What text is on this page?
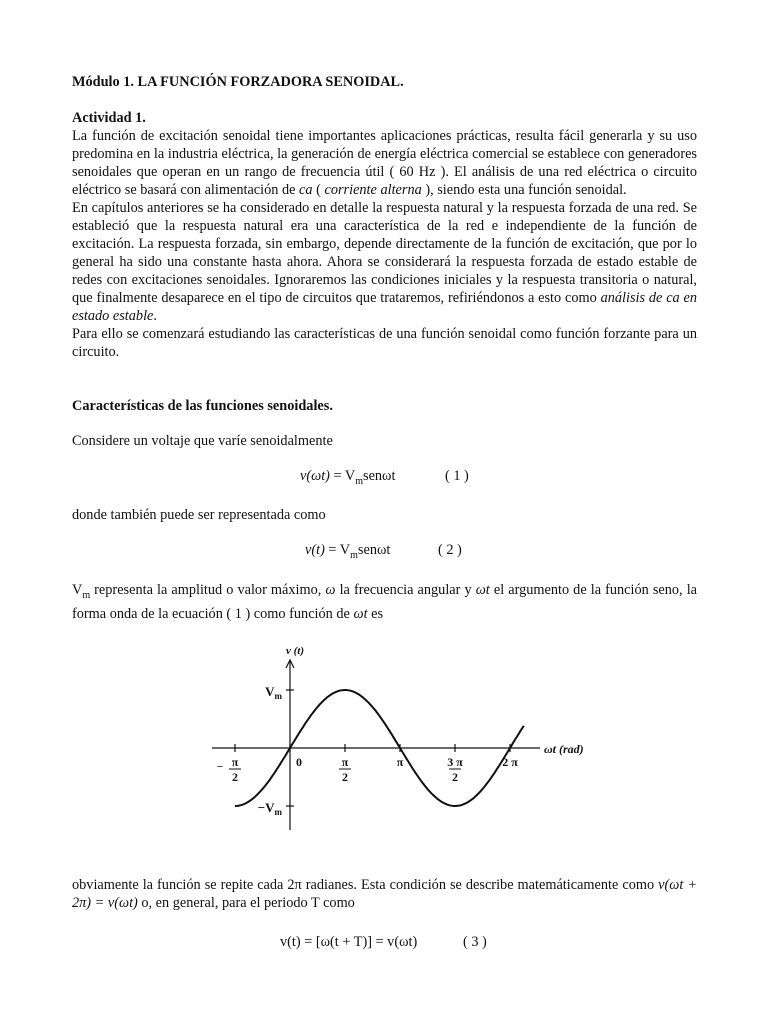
Módulo 1. LA FUNCIÓN FORZADORA SENOIDAL.
Actividad 1.

La función de excitación senoidal tiene importantes aplicaciones prácticas, resulta fácil generarla y su uso predomina en la industria eléctrica, la generación de energía eléctrica comercial se establece con generadores senoidales que operan en un rango de frecuencia útil ( 60 Hz ). El análisis de una red eléctrica o circuito eléctrico se basará con alimentación de ca ( corriente alterna ), siendo esta una función senoidal.

En capítulos anteriores se ha considerado en detalle la respuesta natural y la respuesta forzada de una red. Se estableció que la respuesta natural era una característica de la red e independiente de la función de excitación. La respuesta forzada, sin embargo, depende directamente de la función de excitación, que por lo general ha sido una constante hasta ahora. Ahora se considerará la respuesta forzada de estado estable de redes con excitaciones senoidales. Ignoraremos las condiciones iniciales y la respuesta transitoria o natural, que finalmente desaparece en el tipo de circuitos que trataremos, refiriéndonos a esto como análisis de ca en estado estable.

Para ello se comenzará estudiando las características de una función senoidal como función forzante para un circuito.

Características de las funciones senoidales.
Considere un voltaje que varíe senoidalmente
$v(\omega t) = V_msen\omega t$	( 1 )
donde también puede ser representada como
$v(t) = V_msen\omega t$	( 2 )
$V_m$ representa la amplitud o valor máximo, ω la frecuencia angular y ωt el argumento de la función seno, la forma onda de la ecuación ( 1 ) como función de ωt es
$V_m$
$-V_m$
π
2
−	0	π
2
π	3 π
2
2 π
v (t)
ωt (rad)
obviamente la función se repite cada 2π radianes. Esta condición se describe matemáticamente como v(ωt + 2π) = v(ωt) o, en general, para el periodo T como
v(t) = [ω(t + T)] = v(ωt)	( 3 )
